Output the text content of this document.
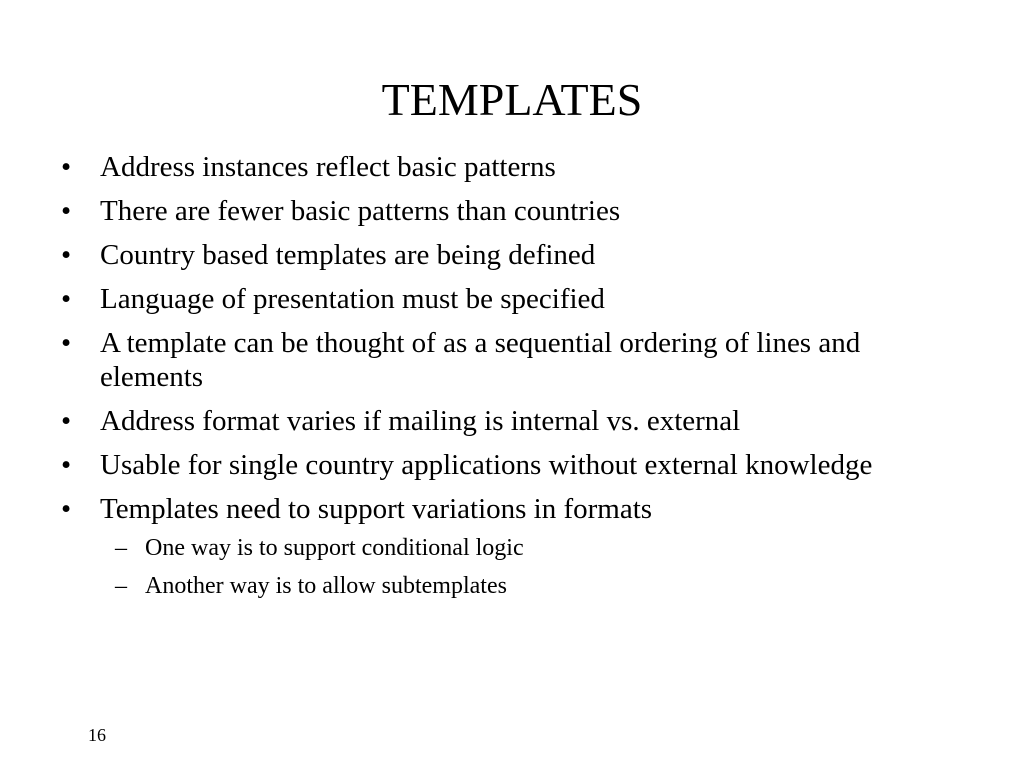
TEMPLATES
• Address instances reflect basic patterns
• There are fewer basic patterns than countries
• Country based templates are being defined
• Language of presentation must be specified
• A template can be thought of as a sequential ordering of lines and elements
• Address format varies if mailing is internal vs. external
• Usable for single country applications without external knowledge
• Templates need to support variations in formats
– One way is to support conditional logic
– Another way is to allow subtemplates
16
